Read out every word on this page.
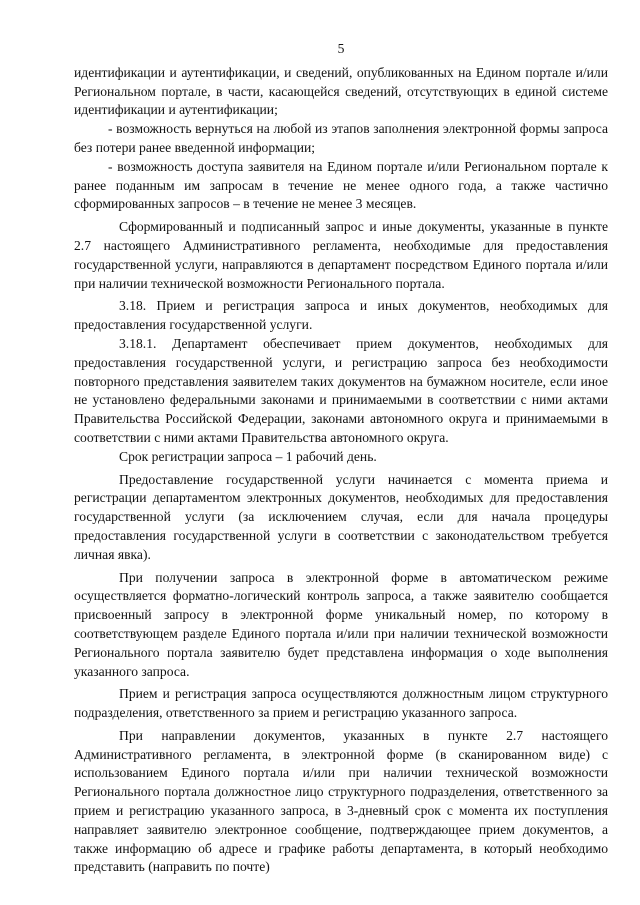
5

идентификации и аутентификации, и сведений, опубликованных на Едином портале и/или Региональном портале, в части, касающейся сведений, отсутствующих в единой системе идентификации и аутентификации;

- возможность вернуться на любой из этапов заполнения электронной формы запроса без потери ранее введенной информации;

- возможность доступа заявителя на Едином портале и/или Региональном портале к ранее поданным им запросам в течение не менее одного года, а также частично сформированных запросов – в течение не менее 3 месяцев.

Сформированный и подписанный запрос и иные документы, указанные в пункте 2.7 настоящего Административного регламента, необходимые для предоставления государственной услуги, направляются в департамент посредством Единого портала и/или при наличии технической возможности Регионального портала.

3.18. Прием и регистрация запроса и иных документов, необходимых для предоставления государственной услуги.

3.18.1. Департамент обеспечивает прием документов, необходимых для предоставления государственной услуги, и регистрацию запроса без необходимости повторного представления заявителем таких документов на бумажном носителе, если иное не установлено федеральными законами и принимаемыми в соответствии с ними актами Правительства Российской Федерации, законами автономного округа и принимаемыми в соответствии с ними актами Правительства автономного округа.

Срок регистрации запроса – 1 рабочий день.

Предоставление государственной услуги начинается с момента приема и регистрации департаментом электронных документов, необходимых для предоставления государственной услуги (за исключением случая, если для начала процедуры предоставления государственной услуги в соответствии с законодательством требуется личная явка).

При получении запроса в электронной форме в автоматическом режиме осуществляется форматно-логический контроль запроса, а также заявителю сообщается присвоенный запросу в электронной форме уникальный номер, по которому в соответствующем разделе Единого портала и/или при наличии технической возможности Регионального портала заявителю будет представлена информация о ходе выполнения указанного запроса.

Прием и регистрация запроса осуществляются должностным лицом структурного подразделения, ответственного за прием и регистрацию указанного запроса.

При направлении документов, указанных в пункте 2.7 настоящего Административного регламента, в электронной форме (в сканированном виде) с использованием Единого портала и/или при наличии технической возможности Регионального портала должностное лицо структурного подразделения, ответственного за прием и регистрацию указанного запроса, в 3-дневный срок с момента их поступления направляет заявителю электронное сообщение, подтверждающее прием документов, а также информацию об адресе и графике работы департамента, в который необходимо представить (направить по почте)
